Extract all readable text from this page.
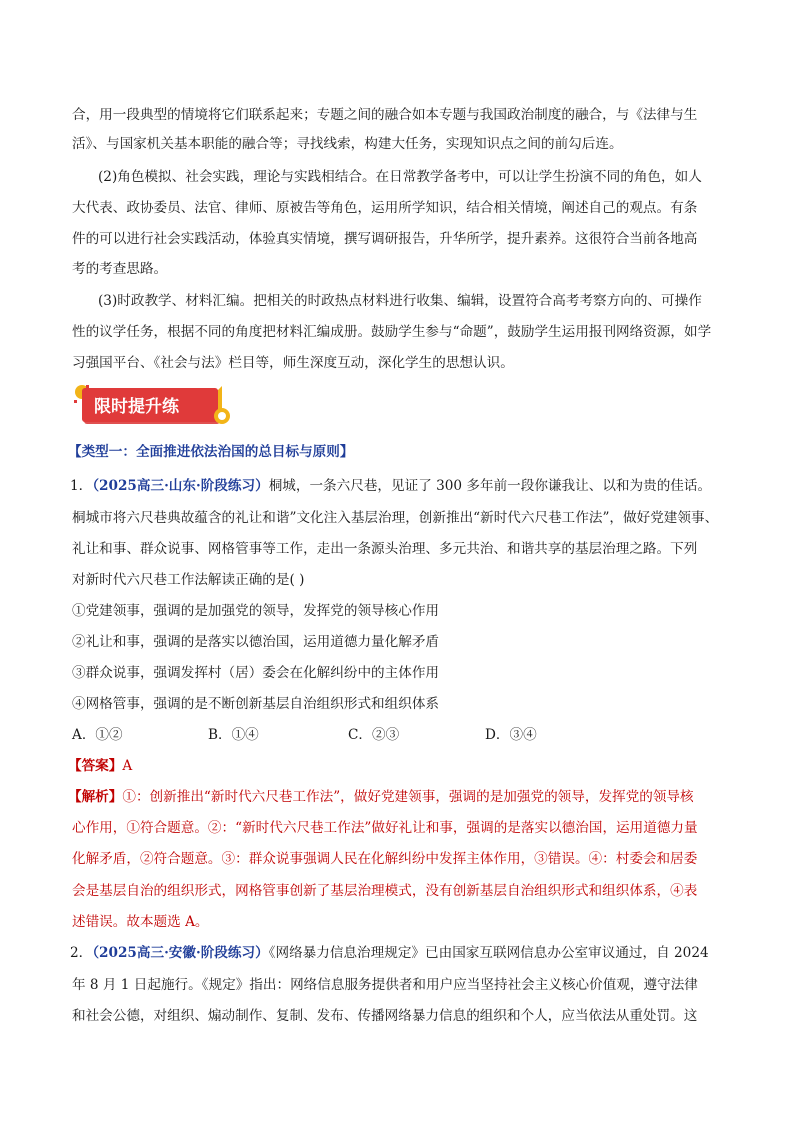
合，用一段典型的情境将它们联系起来；专题之间的融合如本专题与我国政治制度的融合，与《法律与生
活》、与国家机关基本职能的融合等；寻找线索，构建大任务，实现知识点之间的前勾后连。
(2)角色模拟、社会实践，理论与实践相结合。在日常教学备考中，可以让学生扮演不同的角色，如人
大代表、政协委员、法官、律师、原被告等角色，运用所学知识，结合相关情境，阐述自己的观点。有条
件的可以进行社会实践活动，体验真实情境，撰写调研报告，升华所学，提升素养。这很符合当前各地高
考的考查思路。
(3)时政教学、材料汇编。把相关的时政热点材料进行收集、编辑，设置符合高考考察方向的、可操作
性的议学任务，根据不同的角度把材料汇编成册。鼓励学生参与“命题”，鼓励学生运用报刊网络资源，如学
习强国平台、《社会与法》栏目等，师生深度互动，深化学生的思想认识。
限时提升练
【类型一：全面推进依法治国的总目标与原则】
1．（2025高三·山东·阶段练习）桐城，一条六尺巷，见证了 300 多年前一段你谦我让、以和为贵的佳话。
桐城市将六尺巷典故蕴含的礼让和谐”文化注入基层治理，创新推出“新时代六尺巷工作法”，做好党建领事、
礼让和事、群众说事、网格管事等工作，走出一条源头治理、多元共治、和谐共享的基层治理之路。下列
对新时代六尺巷工作法解读正确的是( )
①党建领事，强调的是加强党的领导，发挥党的领导核心作用
②礼让和事，强调的是落实以德治国，运用道德力量化解矛盾
③群众说事，强调发挥村（居）委会在化解纠纷中的主体作用
④网格管事，强调的是不断创新基层自治组织形式和组织体系
A．①②	B．①④	C．②③	D．③④
【答案】A
【解析】①：创新推出“新时代六尺巷工作法”，做好党建领事，强调的是加强党的领导，发挥党的领导核
心作用，①符合题意。②：“新时代六尺巷工作法”做好礼让和事，强调的是落实以德治国，运用道德力量
化解矛盾，②符合题意。③：群众说事强调人民在化解纠纷中发挥主体作用，③错误。④：村委会和居委
会是基层自治的组织形式，网格管事创新了基层治理模式，没有创新基层自治组织形式和组织体系，④表
述错误。故本题选 A。
2．（2025高三·安徽·阶段练习）《网络暴力信息治理规定》已由国家互联网信息办公室审议通过，自 2024
年 8 月 1 日起施行。《规定》指出：网络信息服务提供者和用户应当坚持社会主义核心价值观，遵守法律
和社会公德，对组织、煽动制作、复制、发布、传播网络暴力信息的组织和个人，应当依法从重处罚。这
